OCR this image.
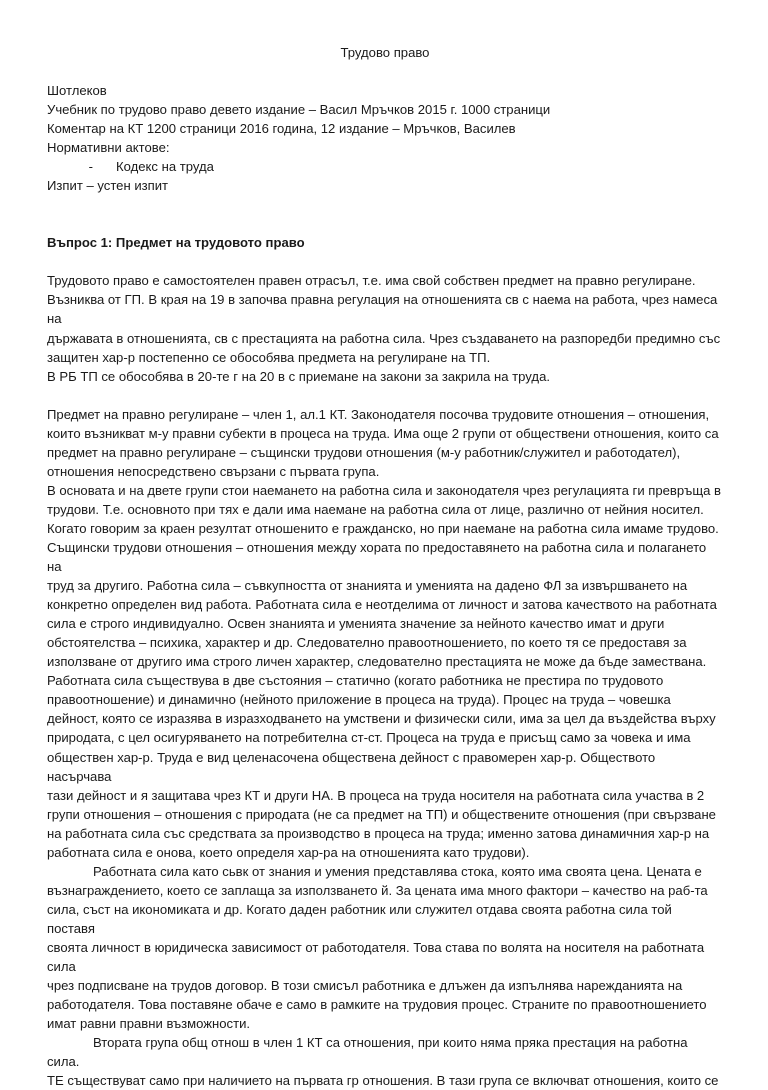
Трудово право
Шотлеков
Учебник по трудово право девето издание – Васил Мръчков 2015 г. 1000 страници
Коментар на КТ 1200 страници 2016 година, 12 издание – Мръчков, Василев
Нормативни актове:
-	Кодекс на труда
Изпит – устен изпит
Въпрос 1: Предмет на трудовото право
Трудовото право е самостоятелен правен отрасъл, т.е. има свой собствен предмет на правно регулиране.
Възниква от ГП. В края на 19 в започва правна регулация на отношенията св с наема на работа, чрез намеса на
държавата в отношенията, св с престацията на работна сила. Чрез създаването на разпоредби предимно със
защитен хар-р постепенно се обособява предмета на регулиране на ТП.
В РБ ТП се обособява в 20-те г на 20 в с приемане на закони за закрила на труда.
Предмет на правно регулиране – член 1, ал.1 КТ. Законодателя посочва трудовите отношения – отношения,
които възникват м-у правни субекти в процеса на труда. Има още 2 групи от обществени отношения, които са
предмет на правно регулиране – същински трудови отношения (м-у работник/служител и работодател),
отношения непосредствено свързани с първата група.
В основата и на двете групи стои наемането на работна сила и законодателя чрез регулацията ги превръща в
трудови. Т.е. основното при тях е дали има наемане на работна сила от лице, различно от нейния носител.
Когато говорим за краен резултат отношенито е гражданско, но при наемане на работна сила имаме трудово.
Същински трудови отношения – отношения между хората по предоставянето на работна сила и полагането на
труд за другиго. Работна сила – съвкупността от знанията и уменията на дадено ФЛ за извършването на
конкретно определен вид работа. Работната сила е неотделима от личност и затова качеството на работната
сила е строго индивидуално. Освен знанията и уменията значение за нейното качество имат и други
обстоятелства – психика, характер и др. Следователно правоотношението, по което тя се предоставя за
използване от другиго има строго личен характер, следователно престацията не може да бъде замествана.
Работната сила съществува в две състояния – статично (когато работника не престира по трудовото
правоотношение) и динамично (нейното приложение в процеса на труда). Процес на труда – човешка
дейност, която се изразява в изразходването на умствени и физически сили, има за цел да въздейства върху
природата, с цел осигуряването на потребителна ст-ст. Процеса на труда е присъщ само за човека и има
обществен хар-р. Труда е вид целенасочена обществена дейност с правомерен хар-р. Обществото насърчава
тази дейност и я защитава чрез КТ и други НА. В процеса на труда носителя на работната сила участва в 2
групи отношения – отношения с природата (не са предмет на ТП) и обществените отношения (при свързване
на работната сила със средствата за производство в процеса на труда; именно затова динамичния хар-р на
работната сила е онова, което определя хар-ра на отношенията като трудови).
Работната сила като сьвк от знания и умения представлява стока, която има своята цена. Цената е
възнаграждението, което се заплаща за използването й. За цената има много фактори – качество на раб-та
сила, съст на икономиката и др. Когато даден работник или служител отдава своята работна сила той поставя
своята личност в юридическа зависимост от работодателя. Това става по волята на носителя на работната сила
чрез подписване на трудов договор. В този смисъл работника е длъжен да изпълнява нарежданията на
работодателя. Това поставяне обаче е само в рамките на трудовия процес. Страните по правоотношението
имат равни правни възможности.
Втората група общ отнош в член 1 КТ са отношения, при които няма пряка престация на работна сила.
ТЕ съществуват само при наличието на първата гр отношения. В тази група се включват отношения, които се
